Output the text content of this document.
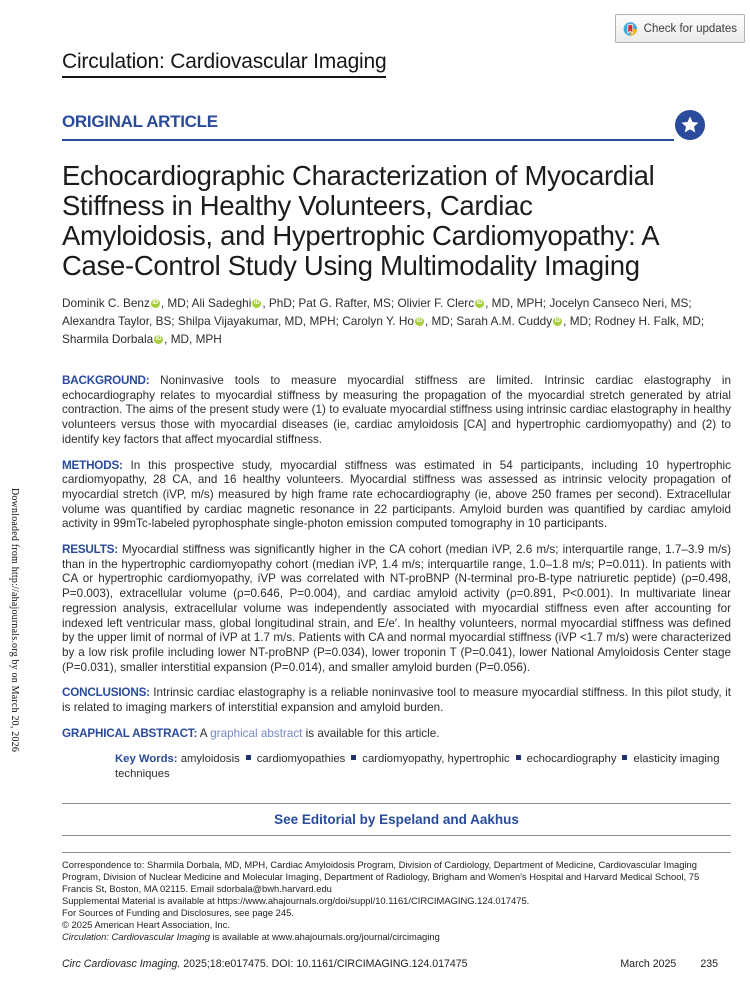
Check for updates
Downloaded from http://ahajournals.org by on March 20, 2026
Circulation: Cardiovascular Imaging
ORIGINAL ARTICLE
Echocardiographic Characterization of Myocardial
Stiffness in Healthy Volunteers, Cardiac
Amyloidosis, and Hypertrophic Cardiomyopathy: A
Case-Control Study Using Multimodality Imaging
Dominik C. Benz iD , MD; Ali Sadeghi iD , PhD; Pat G. Rafter, MS; Olivier F. Clerc iD , MD, MPH; Jocelyn Canseco Neri, MS; Alexandra Taylor, BS; Shilpa Vijayakumar, MD, MPH; Carolyn Y. Ho iD , MD; Sarah A.M. Cuddy iD , MD; Rodney H. Falk, MD; Sharmila Dorbala iD , MD, MPH

BACKGROUND: Noninvasive tools to measure myocardial stiffness are limited. Intrinsic cardiac elastography in echocardiography relates to myocardial stiffness by measuring the propagation of the myocardial stretch generated by atrial contraction. The aims of the present study were (1) to evaluate myocardial stiffness using intrinsic cardiac elastography in healthy volunteers versus those with myocardial diseases (ie, cardiac amyloidosis [CA] and hypertrophic cardiomyopathy) and (2) to identify key factors that affect myocardial stiffness.

METHODS: In this prospective study, myocardial stiffness was estimated in 54 participants, including 10 hypertrophic cardiomyopathy, 28 CA, and 16 healthy volunteers. Myocardial stiffness was assessed as intrinsic velocity propagation of myocardial stretch (iVP, m/s) measured by high frame rate echocardiography (ie, above 250 frames per second). Extracellular volume was quantified by cardiac magnetic resonance in 22 participants. Amyloid burden was quantified by cardiac amyloid activity in 99mTc-labeled pyrophosphate single-photon emission computed tomography in 10 participants.

RESULTS: Myocardial stiffness was significantly higher in the CA cohort (median iVP, 2.6 m/s; interquartile range, 1.7–3.9 m/s) than in the hypertrophic cardiomyopathy cohort (median iVP, 1.4 m/s; interquartile range, 1.0–1.8 m/s; P=0.011). In patients with CA or hypertrophic cardiomyopathy, iVP was correlated with NT-proBNP (N-terminal pro-B-type natriuretic peptide) (ρ=0.498, P=0.003), extracellular volume (ρ=0.646, P=0.004), and cardiac amyloid activity (ρ=0.891, P<0.001). In multivariate linear regression analysis, extracellular volume was independently associated with myocardial stiffness even after accounting for indexed left ventricular mass, global longitudinal strain, and E/e′. In healthy volunteers, normal myocardial stiffness was defined by the upper limit of normal of iVP at 1.7 m/s. Patients with CA and normal myocardial stiffness (iVP <1.7 m/s) were characterized by a low risk profile including lower NT-proBNP (P=0.034), lower troponin T (P=0.041), lower National Amyloidosis Center stage (P=0.031), smaller interstitial expansion (P=0.014), and smaller amyloid burden (P=0.056).

CONCLUSIONS: Intrinsic cardiac elastography is a reliable noninvasive tool to measure myocardial stiffness. In this pilot study, it is related to imaging markers of interstitial expansion and amyloid burden.

GRAPHICAL ABSTRACT: A graphical abstract is available for this article.

Key Words: amyloidosis cardiomyopathies cardiomyopathy, hypertrophic echocardiography elasticity imaging techniques
See Editorial by Espeland and Aakhus
Correspondence to: Sharmila Dorbala, MD, MPH, Cardiac Amyloidosis Program, Division of Cardiology, Department of Medicine, Cardiovascular Imaging Program, Division of Nuclear Medicine and Molecular Imaging, Department of Radiology, Brigham and Women's Hospital and Harvard Medical School, 75 Francis St, Boston, MA 02115. Email sdorbala@bwh.harvard.edu
Supplemental Material is available at https://www.ahajournals.org/doi/suppl/10.1161/CIRCIMAGING.124.017475.
For Sources of Funding and Disclosures, see page 245.
© 2025 American Heart Association, Inc.
Circulation: Cardiovascular Imaging is available at www.ahajournals.org/journal/circimaging
Circ Cardiovasc Imaging. 2025;18:e017475. DOI: 10.1161/CIRCIMAGING.124.017475	March 2025 235
